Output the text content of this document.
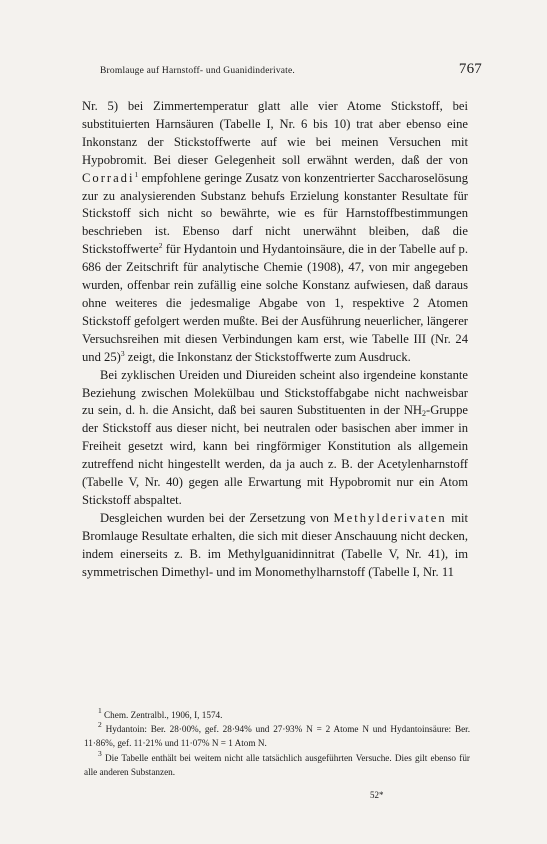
Bromlauge auf Harnstoff- und Guanidinderivate.	767

Nr. 5) bei Zimmertemperatur glatt alle vier Atome Stickstoff, bei substituierten Harnsäuren (Tabelle I, Nr. 6 bis 10) trat aber ebenso eine Inkonstanz der Stickstoffwerte auf wie bei meinen Versuchen mit Hypobromit. Bei dieser Gelegenheit soll erwähnt werden, daß der von Corradi$^1$ empfohlene geringe Zusatz von konzentrierter Saccharoselösung zur zu analysierenden Substanz behufs Erzielung konstanter Resultate für Stickstoff sich nicht so bewährte, wie es für Harnstoffbestimmungen beschrieben ist. Ebenso darf nicht unerwähnt bleiben, daß die Stickstoffwerte$^2$ für Hydantoin und Hydantoinsäure, die in der Tabelle auf p. 686 der Zeitschrift für analytische Chemie (1908), 47, von mir angegeben wurden, offenbar rein zufällig eine solche Konstanz aufwiesen, daß daraus ohne weiteres die jedesmalige Abgabe von 1, respektive 2 Atomen Stickstoff gefolgert werden mußte. Bei der Ausführung neuerlicher, längerer Versuchsreihen mit diesen Verbindungen kam erst, wie Tabelle III (Nr. 24 und 25)$^3$ zeigt, die Inkonstanz der Stickstoffwerte zum Ausdruck.

Bei zyklischen Ureiden und Diureiden scheint also irgendeine konstante Beziehung zwischen Molekülbau und Stickstoffabgabe nicht nachweisbar zu sein, d. h. die Ansicht, daß bei sauren Substituenten in der $NH_2$-Gruppe der Stickstoff aus dieser nicht, bei neutralen oder basischen aber immer in Freiheit gesetzt wird, kann bei ringförmiger Konstitution als allgemein zutreffend nicht hingestellt werden, da ja auch z. B. der Acetylenharnstoff (Tabelle V, Nr. 40) gegen alle Erwartung mit Hypobromit nur ein Atom Stickstoff abspaltet.

Desgleichen wurden bei der Zersetzung von Methylderivaten mit Bromlauge Resultate erhalten, die sich mit dieser Anschauung nicht decken, indem einerseits z. B. im Methylguanidinnitrat (Tabelle V, Nr. 41), im symmetrischen Dimethyl- und im Monomethylharnstoff (Tabelle I, Nr. 11

$^1$ Chem. Zentralbl., 1906, I, 1574.
$^2$ Hydantoin: Ber. 28·00%, gef. 28·94% und 27·93% N = 2 Atome N und Hydantoinsäure: Ber. 11·86%, gef. 11·21% und 11·07% N = 1 Atom N.
$^3$ Die Tabelle enthält bei weitem nicht alle tatsächlich ausgeführten Versuche. Dies gilt ebenso für alle anderen Substanzen.
52*
